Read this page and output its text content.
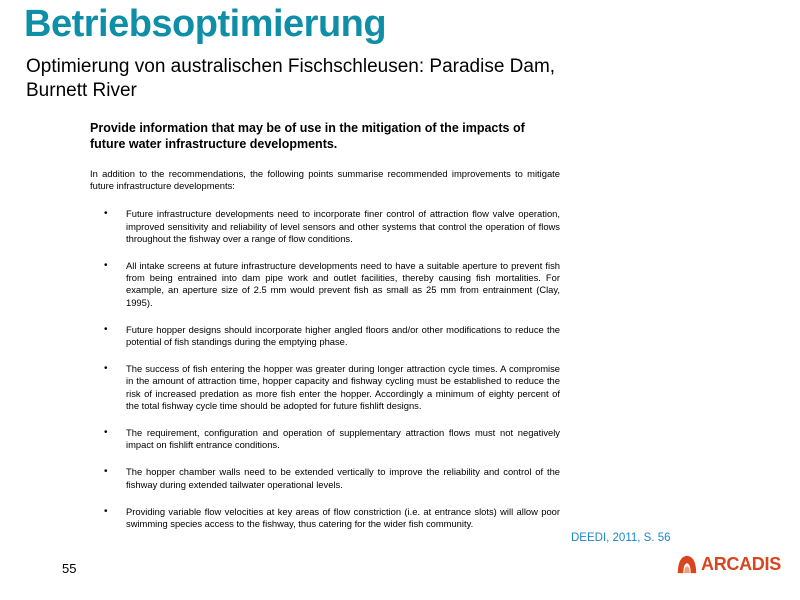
Betriebsoptimierung
Optimierung von australischen Fischschleusen: Paradise Dam,
Burnett River
Provide information that may be of use in the mitigation of the impacts of future water infrastructure developments.
In addition to the recommendations, the following points summarise recommended improvements to mitigate future infrastructure developments:
• Future infrastructure developments need to incorporate finer control of attraction flow valve operation, improved sensitivity and reliability of level sensors and other systems that control the operation of flows throughout the fishway over a range of flow conditions.
• All intake screens at future infrastructure developments need to have a suitable aperture to prevent fish from being entrained into dam pipe work and outlet facilities, thereby causing fish mortalities. For example, an aperture size of 2.5 mm would prevent fish as small as 25 mm from entrainment (Clay, 1995).
• Future hopper designs should incorporate higher angled floors and/or other modifications to reduce the potential of fish standings during the emptying phase.
• The success of fish entering the hopper was greater during longer attraction cycle times. A compromise in the amount of attraction time, hopper capacity and fishway cycling must be established to reduce the risk of increased predation as more fish enter the hopper. Accordingly a minimum of eighty percent of the total fishway cycle time should be adopted for future fishlift designs.
• The requirement, configuration and operation of supplementary attraction flows must not negatively impact on fishlift entrance conditions.
• The hopper chamber walls need to be extended vertically to improve the reliability and control of the fishway during extended tailwater operational levels.
• Providing variable flow velocities at key areas of flow constriction (i.e. at entrance slots) will allow poor swimming species access to the fishway, thus catering for the wider fish community.
DEEDI, 2011, S. 56
55	ARCADIS
